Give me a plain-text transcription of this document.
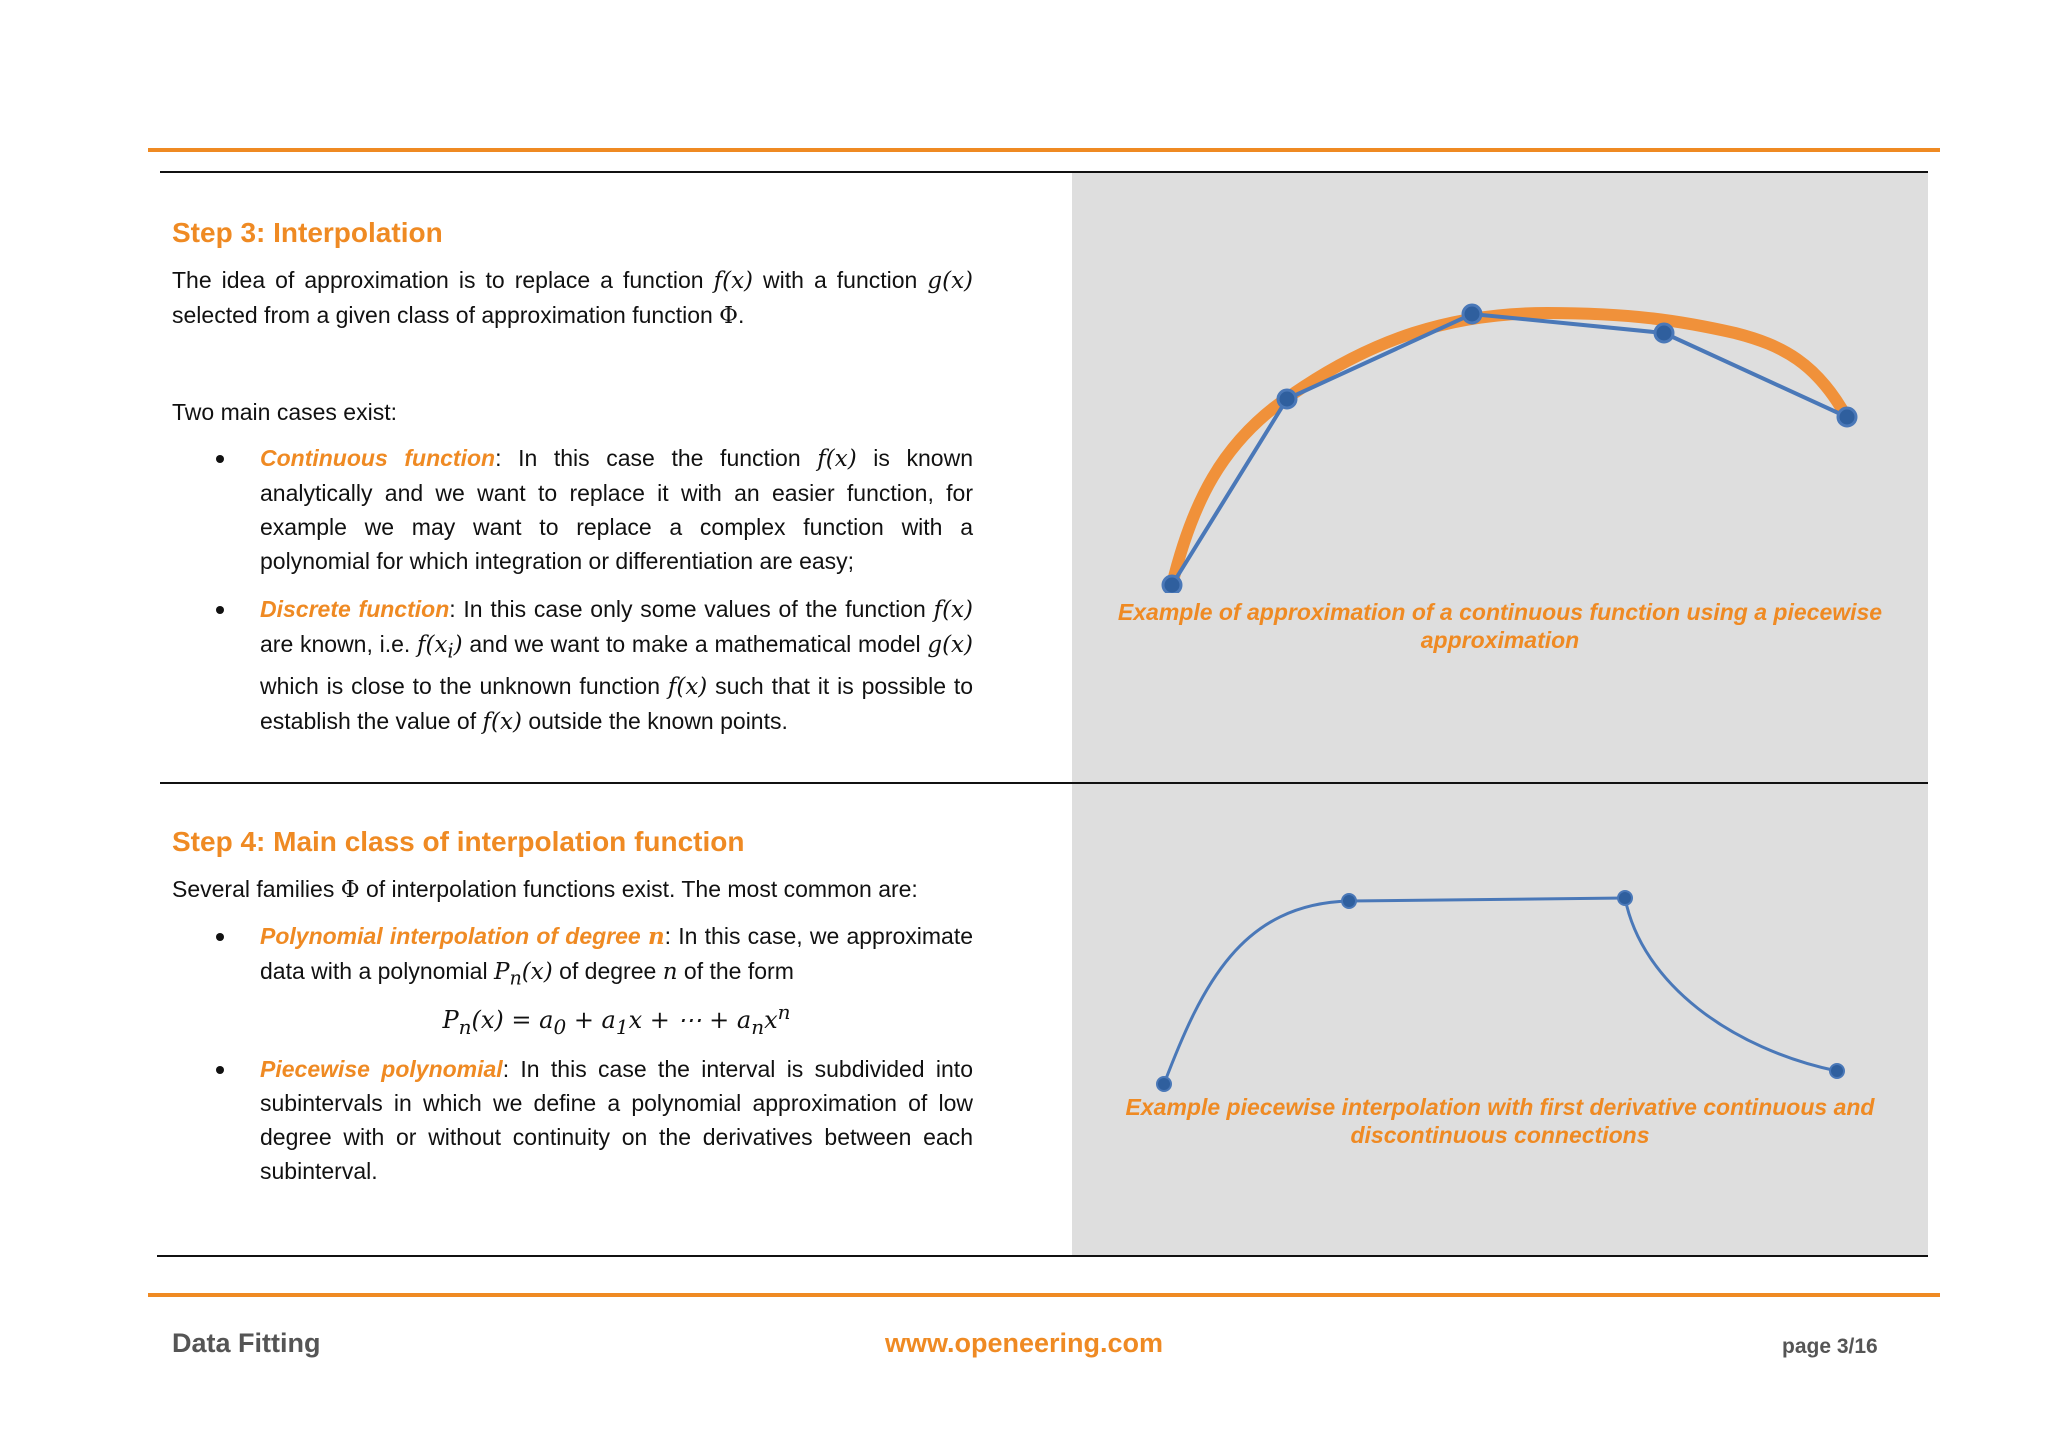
Step 3: Interpolation

The idea of approximation is to replace a function f(x) with a function g(x) selected from a given class of approximation function Φ.

Two main cases exist:

Continuous function: In this case the function f(x) is known analytically and we want to replace it with an easier function, for example we may want to replace a complex function with a polynomial for which integration or differentiation are easy;
Discrete function: In this case only some values of the function f(x) are known, i.e. $f(x_i)$ and we want to make a mathematical model g(x) which is close to the unknown function f(x) such that it is possible to establish the value of f(x) outside the known points.
Example of approximation of a continuous function using a piecewise approximation
Step 4: Main class of interpolation function

Several families Φ of interpolation functions exist. The most common are:

Polynomial interpolation of degree n: In this case, we approximate data with a polynomial $P_n(x)$ of degree n of the form
$P_n(x) = a_0 + a_1x$ + ⋯ + $a_nx^n$
Piecewise polynomial: In this case the interval is subdivided into subintervals in which we define a polynomial approximation of low degree with or without continuity on the derivatives between each subinterval.
Example piecewise interpolation with first derivative continuous and discontinuous connections
Data Fitting	www.openeering.com	page 3/16
